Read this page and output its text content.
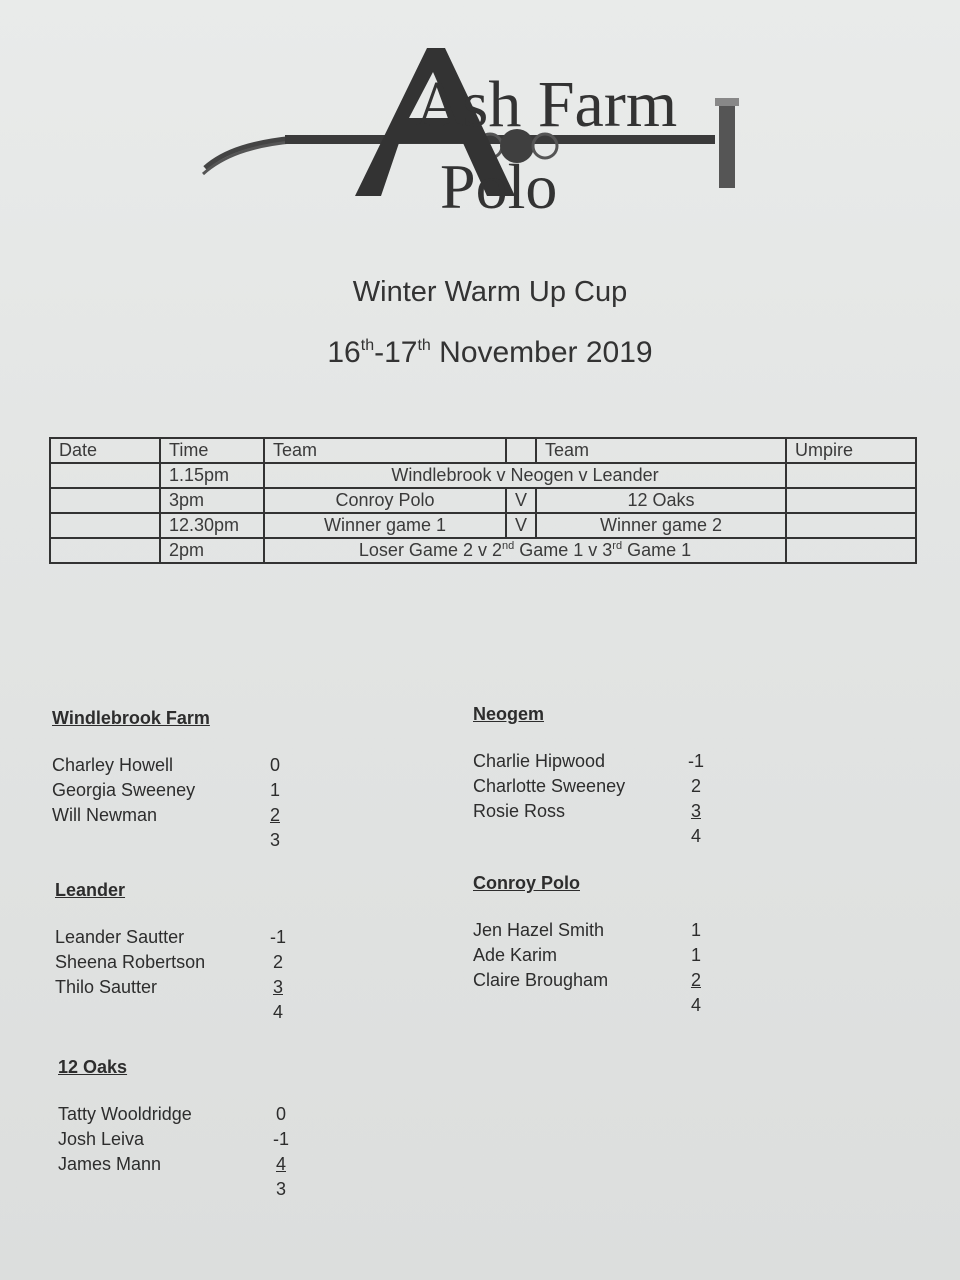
Ash Farm
Polo
Winter Warm Up Cup
16th-17th November 2019
Date	Time	Team		Team	Umpire
	1.15pm	Windlebrook v Neogen v Leander			
	3pm	Conroy Polo	V	12 Oaks	
	12.30pm	Winner game 1	V	Winner game 2	
	2pm	Loser Game 2 v 2nd Game 1 v 3rd Game 1			
Windlebrook Farm
Charley Howell	0
Georgia Sweeney	1
Will Newman	2
3
Neogem
Charlie Hipwood	-1
Charlotte Sweeney	2
Rosie Ross	3
4
Leander
Leander Sautter	-1
Sheena Robertson	2
Thilo Sautter	3
4
Conroy Polo
Jen Hazel Smith	1
Ade Karim	1
Claire Brougham	2
4
12 Oaks
Tatty Wooldridge	0
Josh Leiva	-1
James Mann	4
3
